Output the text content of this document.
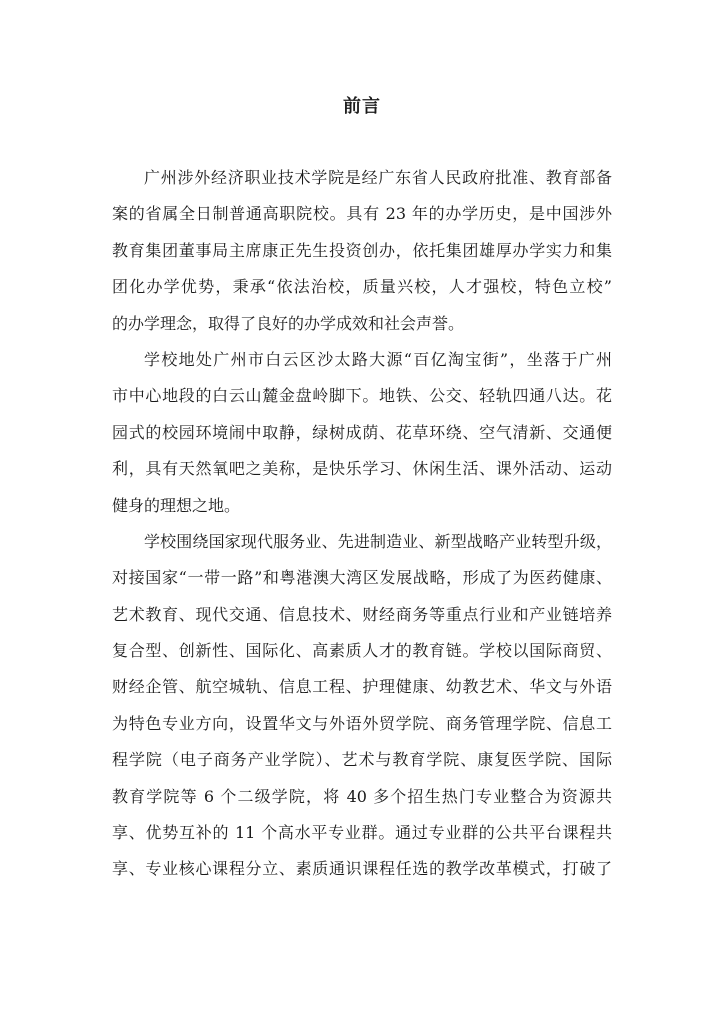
前言
广州涉外经济职业技术学院是经广东省人民政府批准、教育部备
案的省属全日制普通高职院校。具有 23 年的办学历史，是中国涉外
教育集团董事局主席康正先生投资创办，依托集团雄厚办学实力和集
团化办学优势，秉承“依法治校，质量兴校，人才强校，特色立校”
的办学理念，取得了良好的办学成效和社会声誉。
学校地处广州市白云区沙太路大源“百亿淘宝街”，坐落于广州
市中心地段的白云山麓金盘岭脚下。地铁、公交、轻轨四通八达。花
园式的校园环境闹中取静，绿树成荫、花草环绕、空气清新、交通便
利，具有天然氧吧之美称，是快乐学习、休闲生活、课外活动、运动
健身的理想之地。
学校围绕国家现代服务业、先进制造业、新型战略产业转型升级，
对接国家“一带一路”和粤港澳大湾区发展战略，形成了为医药健康、
艺术教育、现代交通、信息技术、财经商务等重点行业和产业链培养
复合型、创新性、国际化、高素质人才的教育链。学校以国际商贸、
财经企管、航空城轨、信息工程、护理健康、幼教艺术、华文与外语
为特色专业方向，设置华文与外语外贸学院、商务管理学院、信息工
程学院（电子商务产业学院）、艺术与教育学院、康复医学院、国际
教育学院等 6 个二级学院，将 40 多个招生热门专业整合为资源共
享、优势互补的 11 个高水平专业群。通过专业群的公共平台课程共
享、专业核心课程分立、素质通识课程任选的教学改革模式，打破了
